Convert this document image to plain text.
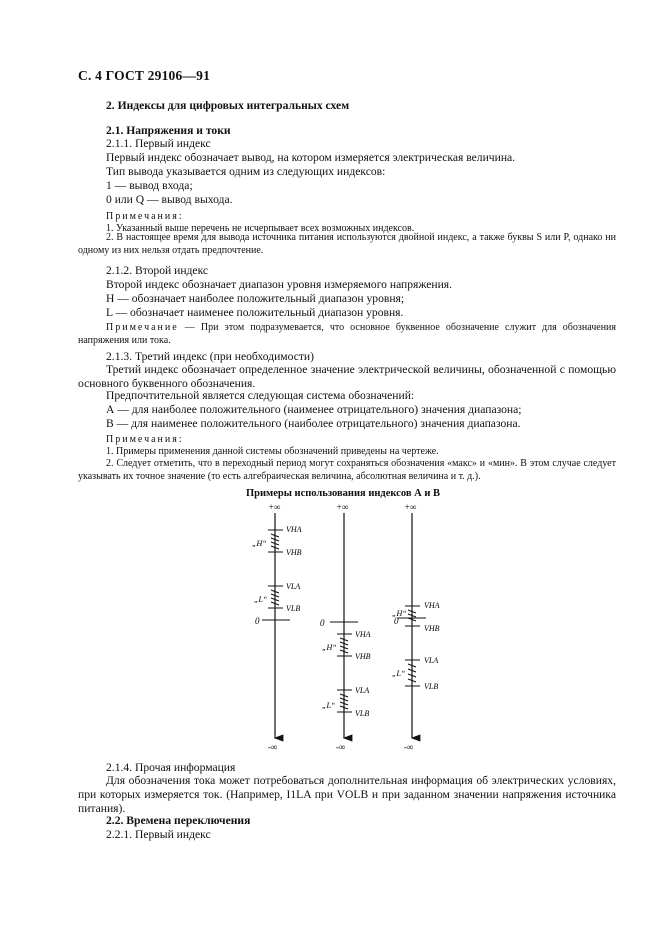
С. 4 ГОСТ 29106—91
2. Индексы для цифровых интегральных схем
2.1. Напряжения и токи
2.1.1. Первый индекс
Первый индекс обозначает вывод, на котором измеряется электрическая величина.
Тип вывода указывается одним из следующих индексов:
1 — вывод входа;
0 или Q — вывод выхода.
Примечания:
1. Указанный выше перечень не исчерпывает всех возможных индексов.
2. В настоящее время для вывода источника питания используются двойной индекс, а также буквы S или P, однако ни одному из них нельзя отдать предпочтение.
2.1.2. Второй индекс
Второй индекс обозначает диапазон уровня измеряемого напряжения.
Н — обозначает наиболее положительный диапазон уровня;
L — обозначает наименее положительный диапазон уровня.
Примечание — При этом подразумевается, что основное буквенное обозначение служит для обозначения напряжения или тока.
2.1.3. Третий индекс (при необходимости)
Третий индекс обозначает определенное значение электрической величины, обозначенной с помощью основного буквенного обозначения.
Предпочтительной является следующая система обозначений:
А — для наиболее положительного (наименее отрицательного) значения диапазона;
В — для наименее положительного (наиболее отрицательного) значения диапазона.
Примечания:
1. Примеры применения данной системы обозначений приведены на чертеже.
2. Следует отметить, что в переходный период могут сохраняться обозначения «макс» и «мин». В этом случае следует указывать их точное значение (то есть алгебраическая величина, абсолютная величина и т. д.).
Примеры использования индексов А и В
+∞
-∞
VHA
VHB
„H“
VLA
VLB
„L“
0
+∞
-∞
0
VHA
VHB
„H“
VLA
VLB
„L“
+∞
-∞
VHA
VHB
„H“
0
VLA
VLB
„L“
2.1.4. Прочая информация
Для обозначения тока может потребоваться дополнительная информация об электрических условиях, при которых измеряется ток. (Например, I1LA при VOLB и при заданном значении напряжения источника питания).
2.2. Времена переключения
2.2.1. Первый индекс
